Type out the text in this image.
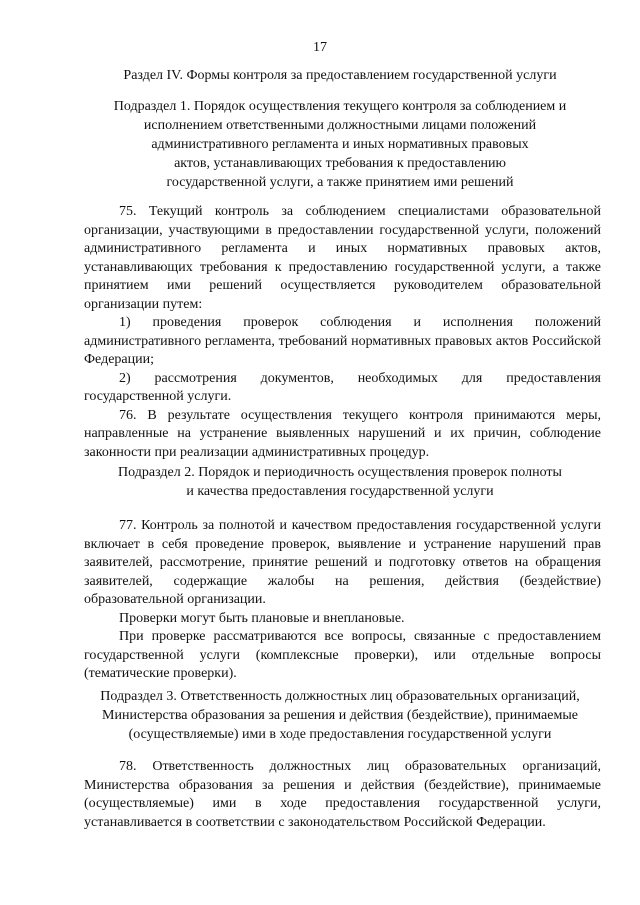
17
Раздел IV. Формы контроля за предоставлением государственной услуги
Подраздел 1. Порядок осуществления текущего контроля за соблюдением и
исполнением ответственными должностными лицами положений
административного регламента и иных нормативных правовых
актов, устанавливающих требования к предоставлению
государственной услуги, а также принятием ими решений

75. Текущий контроль за соблюдением специалистами образовательной организации, участвующими в предоставлении государственной услуги, положений административного регламента и иных нормативных правовых актов, устанавливающих требования к предоставлению государственной услуги, а также принятием ими решений осуществляется руководителем образовательной организации путем:

1) проведения проверок соблюдения и исполнения положений административного регламента, требований нормативных правовых актов Российской Федерации;

2) рассмотрения документов, необходимых для предоставления государственной услуги.

76. В результате осуществления текущего контроля принимаются меры, направленные на устранение выявленных нарушений и их причин, соблюдение законности при реализации административных процедур.

Подраздел 2. Порядок и периодичность осуществления проверок полноты
и качества предоставления государственной услуги

77. Контроль за полнотой и качеством предоставления государственной услуги включает в себя проведение проверок, выявление и устранение нарушений прав заявителей, рассмотрение, принятие решений и подготовку ответов на обращения заявителей, содержащие жалобы на решения, действия (бездействие) образовательной организации.

Проверки могут быть плановые и внеплановые.

При проверке рассматриваются все вопросы, связанные с предоставлением государственной услуги (комплексные проверки), или отдельные вопросы (тематические проверки).

Подраздел 3. Ответственность должностных лиц образовательных организаций,
Министерства образования за решения и действия (бездействие), принимаемые
(осуществляемые) ими в ходе предоставления государственной услуги

78. Ответственность должностных лиц образовательных организаций, Министерства образования за решения и действия (бездействие), принимаемые (осуществляемые) ими в ходе предоставления государственной услуги, устанавливается в соответствии с законодательством Российской Федерации.
